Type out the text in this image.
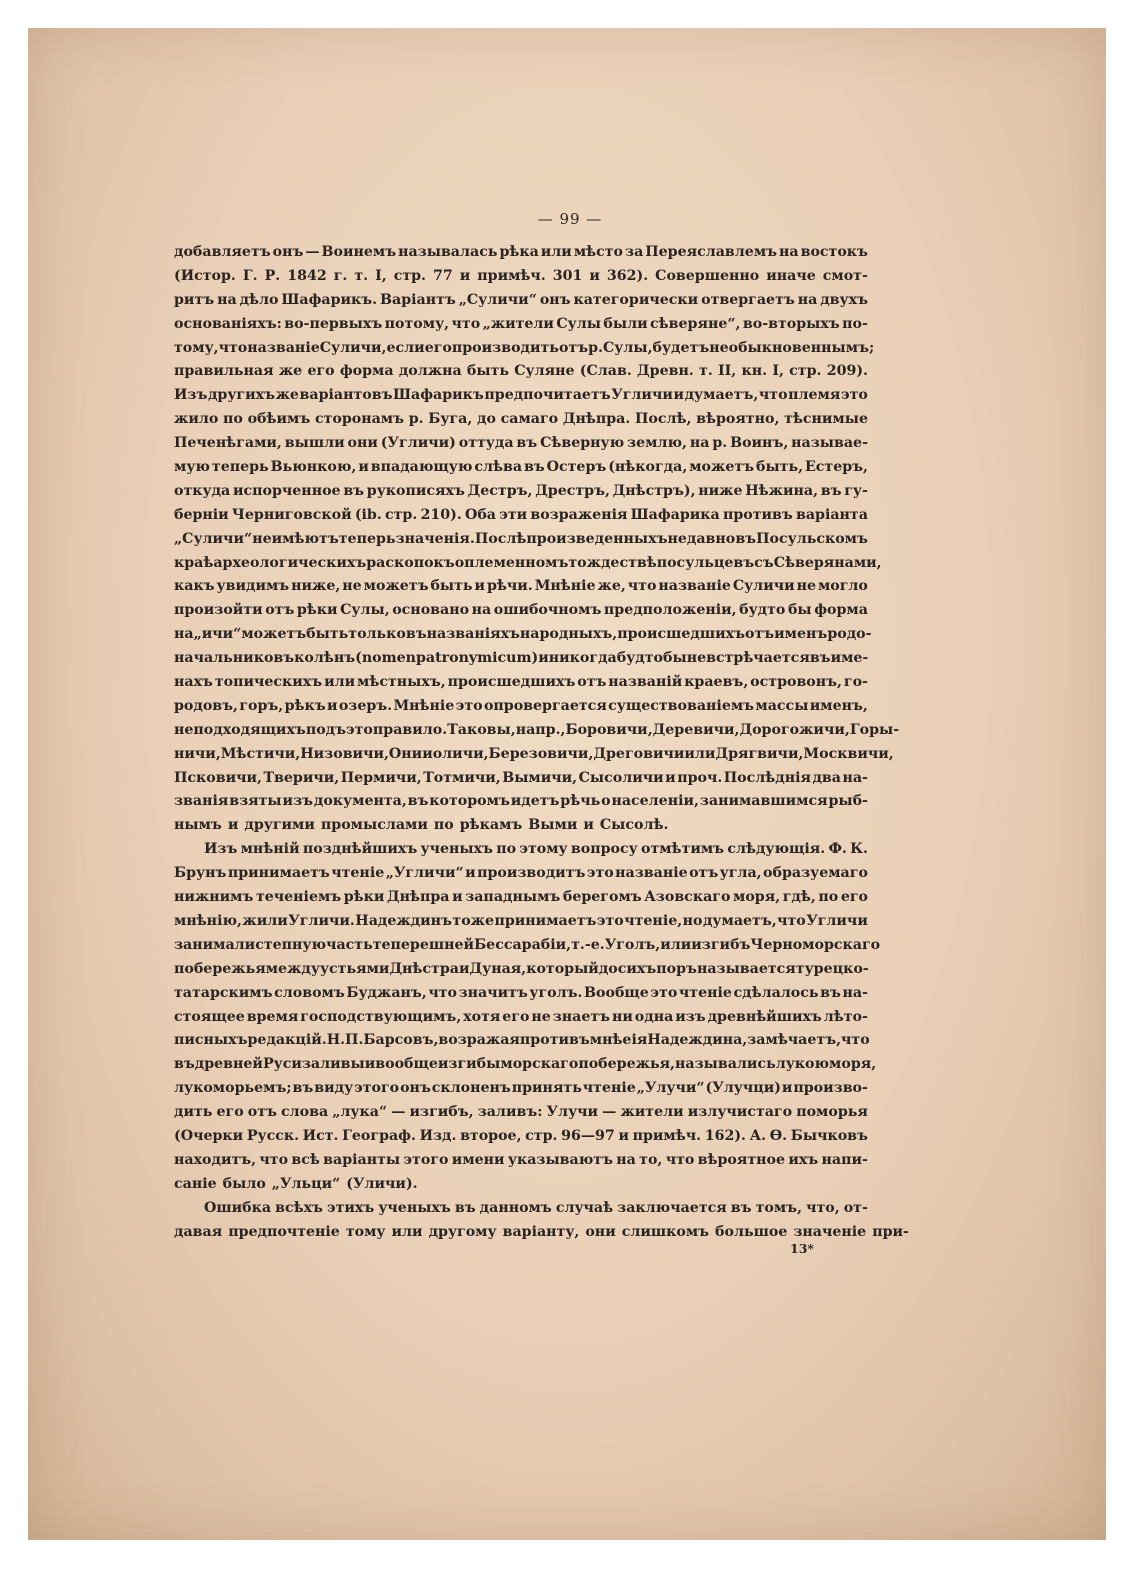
— 99 —
добавляетъ онъ — Воинемъ называлась рѣка или мѣсто за Переяславлемъ на востокъ
(Истор. Г. Р. 1842 г. т. I, стр. 77 и примѣч. 301 и 362). Совершенно иначе смот-
ритъ на дѣло Шафарикъ. Варіантъ „Суличи“ онъ категорически отвергаетъ на двухъ
основаніяхъ: во-первыхъ потому, что „жители Сулы были сѣверяне“, во-вторыхъ по-
тому, что названіе Суличи, если его производить отъ р. Сулы, будетъ необыкновеннымъ;
правильная же его форма должна быть Суляне (Слав. Древн. т. II, кн. I, стр. 209).
Изъ другихъ же варіантовъ Шафарикъ предпочитаетъ Угличи и думаетъ, что племя это
жило по обѣимъ сторонамъ р. Буга, до самаго Днѣпра. Послѣ, вѣроятно, тѣснимые
Печенѣгами, вышли они (Угличи) оттуда въ Сѣверную землю, на р. Воинъ, называе-
мую теперь Вьюнкою, и впадающую слѣва въ Остеръ (нѣкогда, можетъ быть, Естеръ,
откуда испорченное въ рукописяхъ Дестръ, Дрестръ, Днѣстръ), ниже Нѣжина, въ гу-
берніи Черниговской (ib. стр. 210). Оба эти возраженія Шафарика противъ варіанта
„Суличи“ не имѣютъ теперь значенія. Послѣ произведенныхъ недавно въ Посульскомъ
краѣ археологическихъ раскопокъ о племенномъ тождествѣ посульцевъ съ Сѣверянами,
какъ увидимъ ниже, не можетъ быть и рѣчи. Мнѣніе же, что названіе Суличи не могло
произойти отъ рѣки Сулы, основано на ошибочномъ предположеніи, будто бы форма
на „ичи“ можетъ быть только въ названіяхъ народныхъ, происшедшихъ отъ именъ родо-
начальниковъ колѣнъ (nomen patronymicum) и никогда будто бы не встрѣчается въ име-
нахъ топическихъ или мѣстныхъ, происшедшихъ отъ названій краевъ, островонъ, го-
родовъ, горъ, рѣкъ и озеръ. Мнѣніе это опровергается существованіемъ массы именъ,
не подходящихъ подъ это правило. Таковы, напр., Боровичи, Деревичи, Дорогожичи, Горы-
ничи, Мѣстичи, Низовичи, Онииоличи, Березовичи, Дреговичи или Дрягвичи, Москвичи,
Псковичи, Тверичи, Пермичи, Тотмичи, Вымичи, Сысоличи и проч. Послѣднія два на-
званія взяты изъ документа, въ которомъ идетъ рѣчь о населеніи, занимавшимся рыб-
нымъ и другими промыслами по рѣкамъ Выми и Сысолѣ.
Изъ мнѣній позднѣйшихъ ученыхъ по этому вопросу отмѣтимъ слѣдующія. Ф. К.
Брунъ принимаетъ чтеніе „Угличи“ и производитъ это названіе отъ угла, образуемаго
нижнимъ теченіемъ рѣки Днѣпра и западнымъ берегомъ Азовскаго моря, гдѣ, по его
мнѣнію, жили Угличи. Надеждинъ тоже принимаетъ это чтеніе, но думаетъ, что Угличи
занимали степную часть теперешней Бессарабіи, т.-е. Уголъ, или изгибъ Черноморскаго
побережья между устьями Днѣстра и Дуная, который до сихъ поръ называется турецко-
татарскимъ словомъ Буджанъ, что значитъ уголъ. Вообще это чтеніе сдѣлалось въ на-
стоящее время господствующимъ, хотя его не знаетъ ни одна изъ древнѣйшихъ лѣто-
писныхъ редакцій. Н. П. Барсовъ, возражая противъ мнѣеія Надеждина, замѣчаетъ, что
въ древней Руси заливы и вообще изгибы морскаго побережья, назывались лукою моря,
лукоморьемъ; въ виду этого онъ склоненъ принять чтеніе „Улучи“ (Улучци) и произво-
дить его отъ слова „лука“ — изгибъ, заливъ: Улучи — жители излучистаго поморья
(Очерки Русск. Ист. Географ. Изд. второе, стр. 96—97 и примѣч. 162). А. Ѳ. Бычковъ
находитъ, что всѣ варіанты этого имени указываютъ на то, что вѣроятное ихъ напи-
саніе было „Ульци“ (Уличи).
Ошибка всѣхъ этихъ ученыхъ въ данномъ случаѣ заключается въ томъ, что, от-
давая предпочтеніе тому или другому варіанту, они слишкомъ большое значеніе при-
13*
